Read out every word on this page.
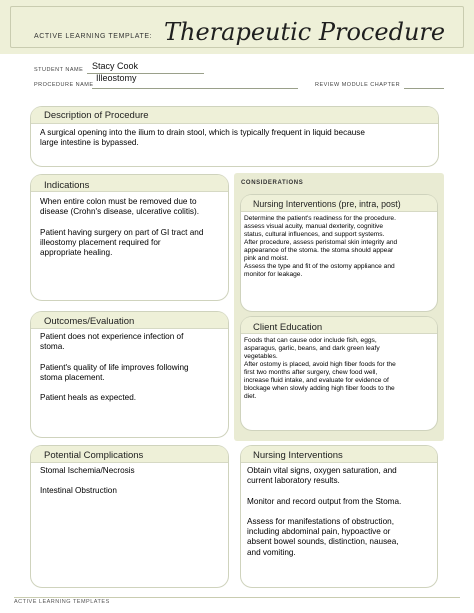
ACTIVE LEARNING TEMPLATE: Therapeutic Procedure
STUDENT NAME Stacy Cook
PROCEDURE NAME
Illeostomy
REVIEW MODULE CHAPTER
Description of Procedure
A surgical opening into the ilium to drain stool, which is typically frequent in liquid because
large intestine is bypassed.
CONSIDERATIONS
Indications
When entire colon must be removed due to
disease (Crohn's disease, ulcerative colitis).

Patient having surgery on part of GI tract and
illeostomy placement required for
appropriate healing.
Nursing Interventions (pre, intra, post)
Determine the patient's readiness for the procedure.
assess visual acuity, manual dexterity, cognitive
status, cultural influences, and support systems.
After procedure, assess peristomal skin integrity and
appearance of the stoma. the stoma should appear
pink and moist.
Assess the type and fit of the ostomy appliance and
monitor for leakage.
Outcomes/Evaluation
Patient does not experience infection of
stoma.

Patient's quality of life improves following
stoma placement.

Patient heals as expected.
Client Education
Foods that can cause odor include fish, eggs,
asparagus, garlic, beans, and dark green leafy
vegetables.
After ostomy is placed, avoid high fiber foods for the
first two months after surgery, chew food well,
increase fluid intake, and evaluate for evidence of
blockage when slowly adding high fiber foods to the
diet.
Potential Complications
Stomal Ischemia/Necrosis

Intestinal Obstruction
Nursing Interventions
Obtain vital signs, oxygen saturation, and
current laboratory results.

Monitor and record output from the Stoma.

Assess for manifestations of obstruction,
including abdominal pain, hypoactive or
absent bowel sounds, distinction, nausea,
and vomiting.
ACTIVE LEARNING TEMPLATES
